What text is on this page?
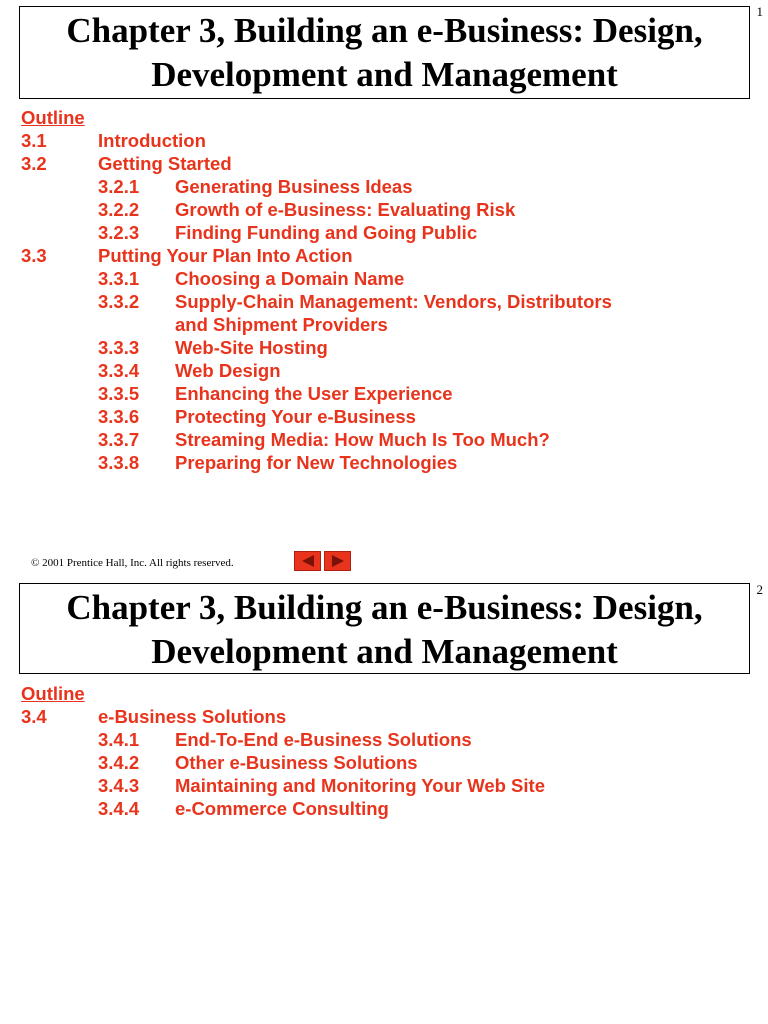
1
Chapter 3, Building an e-Business: Design,
Development and Management
Outline
3.1	Introduction
3.2	Getting Started
3.2.1 Generating Business Ideas
3.2.2 Growth of e-Business: Evaluating Risk
3.2.3 Finding Funding and Going Public
3.3	Putting Your Plan Into Action
3.3.1 Choosing a Domain Name
3.3.2 Supply-Chain Management: Vendors, Distributors
and Shipment Providers
3.3.3 Web-Site Hosting
3.3.4 Web Design
3.3.5 Enhancing the User Experience
3.3.6 Protecting Your e-Business
3.3.7 Streaming Media: How Much Is Too Much?
3.3.8 Preparing for New Technologies
© 2001 Prentice Hall, Inc. All rights reserved.
2
Chapter 3, Building an e-Business: Design,
Development and Management
Outline
3.4	e-Business Solutions
3.4.1 End-To-End e-Business Solutions
3.4.2 Other e-Business Solutions
3.4.3 Maintaining and Monitoring Your Web Site
3.4.4 e-Commerce Consulting
